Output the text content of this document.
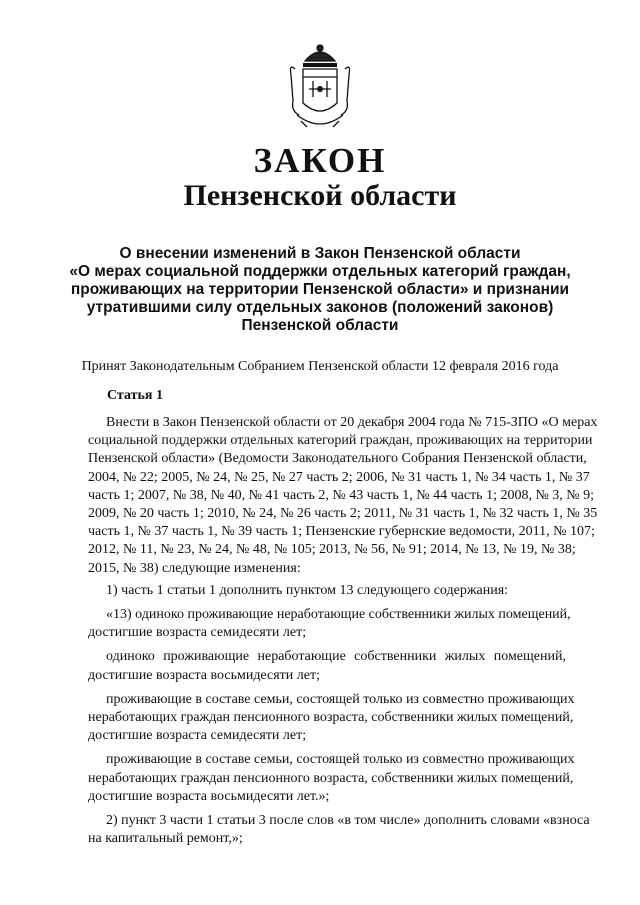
ЗАКОН
Пензенской области
О внесении изменений в Закон Пензенской области
«О мерах социальной поддержки отдельных категорий граждан,
проживающих на территории Пензенской области» и признании
утратившими силу отдельных законов (положений законов)
Пензенской области
Принят Законодательным Собранием Пензенской области 12 февраля 2016 года
Статья 1
Внести в Закон Пензенской области от 20 декабря 2004 года № 715-ЗПО «О мерах
социальной поддержки отдельных категорий граждан, проживающих на территории
Пензенской области» (Ведомости Законодательного Собрания Пензенской области,
2004, № 22; 2005, № 24, № 25, № 27 часть 2; 2006, № 31 часть 1, № 34 часть 1, № 37
часть 1; 2007, № 38, № 40, № 41 часть 2, № 43 часть 1, № 44 часть 1; 2008, № 3, № 9;
2009, № 20 часть 1; 2010, № 24, № 26 часть 2; 2011, № 31 часть 1, № 32 часть 1, № 35
часть 1, № 37 часть 1, № 39 часть 1; Пензенские губернские ведомости, 2011, № 107;
2012, № 11, № 23, № 24, № 48, № 105; 2013, № 56, № 91; 2014, № 13, № 19, № 38;
2015, № 38) следующие изменения:
1) часть 1 статьи 1 дополнить пунктом 13 следующего содержания:
«13) одиноко проживающие неработающие собственники жилых помещений,
достигшие возраста семидесяти лет;
одиноко проживающие неработающие собственники жилых помещений,
достигшие возраста восьмидесяти лет;
проживающие в составе семьи, состоящей только из совместно проживающих
неработающих граждан пенсионного возраста, собственники жилых помещений,
достигшие возраста семидесяти лет;
проживающие в составе семьи, состоящей только из совместно проживающих
неработающих граждан пенсионного возраста, собственники жилых помещений,
достигшие возраста восьмидесяти лет.»;
2) пункт 3 части 1 статьи 3 после слов «в том числе» дополнить словами «взноса
на капитальный ремонт,»;
